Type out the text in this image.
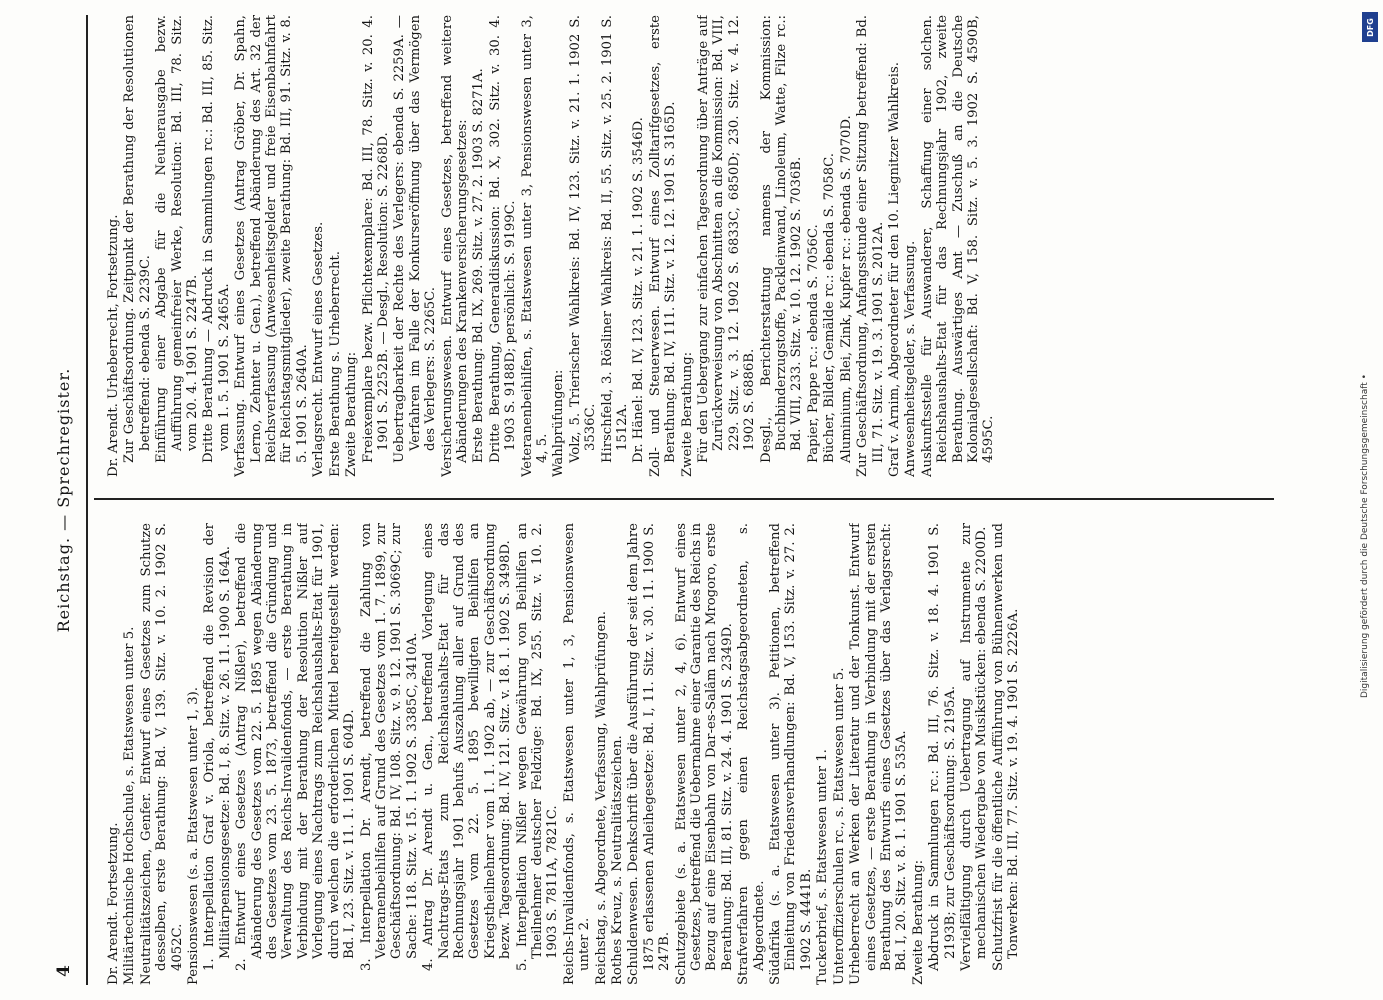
4
Reichstag. — Sprechregister.

Dr. Arendt. Fortsetzung. Militärtechnische Hochschule, s. Etatswesen unter 5. Neutralitätszeichen, Genfer. Entwurf eines Gesetzes zum Schutze desselben, erste Berathung: Bd. V, 139. Sitz. v. 10. 2. 1902 S. 4052C. Pensionswesen (s. a. Etatswesen unter 1, 3). 1. Interpellation Graf v. Oriola, betreffend die Revision der Militärpensionsgesetze: Bd. I, 8. Sitz. v. 26. 11. 1900 S. 164A. 2. Entwurf eines Gesetzes (Antrag Nißler), betreffend die Abänderung des Gesetzes vom 22. 5. 1895 wegen Abänderung des Gesetzes vom 23. 5. 1873, betreffend die Gründung und Verwaltung des Reichs-Invalidenfonds, — erste Berathung in Verbindung mit der Berathung der Resolution Nißler auf Vorlegung eines Nachtrags zum Reichshaushalts-Etat für 1901, durch welchen die erforderlichen Mittel bereitgestellt werden: Bd. I, 23. Sitz. v. 11. 1. 1901 S. 604D. 3. Interpellation Dr. Arendt, betreffend die Zahlung von Veteranenbeihilfen auf Grund des Gesetzes vom 1. 7. 1899, zur Geschäftsordnung: Bd. IV, 108. Sitz. v. 9. 12. 1901 S. 3069C; zur Sache: 118. Sitz. v. 15. 1. 1902 S. 3385C, 3410A. 4. Antrag Dr. Arendt u. Gen., betreffend Vorlegung eines Nachtrags-Etats zum Reichshaushalts-Etat für das Rechnungsjahr 1901 behufs Auszahlung aller auf Grund des Gesetzes vom 22. 5. 1895 bewilligten Beihilfen an Kriegstheilnehmer vom 1. 1. 1902 ab, — zur Geschäftsordnung bezw. Tagesordnung: Bd. IV, 121. Sitz. v. 18. 1. 1902 S. 3498D. 5. Interpellation Nißler wegen Gewährung von Beihilfen an Theilnehmer deutscher Feldzüge: Bd. IX, 255. Sitz. v. 10. 2. 1903 S. 7811A, 7821C. Reichs-Invalidenfonds, s. Etatswesen unter 1, 3, Pensionswesen unter 2. Reichstag, s. Abgeordnete, Verfassung, Wahlprüfungen. Rothes Kreuz, s. Neutralitätszeichen. Schuldenwesen. Denkschrift über die Ausführung der seit dem Jahre 1875 erlassenen Anleihegesetze: Bd. I, 11. Sitz. v. 30. 11. 1900 S. 247B. Schutzgebiete (s. a. Etatswesen unter 2, 4, 6). Entwurf eines Gesetzes, betreffend die Uebernahme einer Garantie des Reichs in Bezug auf eine Eisenbahn von Dar-es-Salâm nach Mrogoro, erste Berathung: Bd. III, 81. Sitz. v. 24. 4. 1901 S. 2349D. Strafverfahren gegen einen Reichstagsabgeordneten, s. Abgeordnete. Südafrika (s. a. Etatswesen unter 3). Petitionen, betreffend Einleitung von Friedensverhandlungen: Bd. V, 153. Sitz. v. 27. 2. 1902 S. 4441B. Tuckerbrief, s. Etatswesen unter 1. Unteroffizierschulen rc., s. Etatswesen unter 5. Urheberrecht an Werken der Literatur und der Tonkunst. Entwurf eines Gesetzes, — erste Berathung in Verbindung mit der ersten Berathung des Entwurfs eines Gesetzes über das Verlagsrecht: Bd. I, 20. Sitz. v. 8. 1. 1901 S. 535A. Zweite Berathung: Abdruck in Sammlungen rc.: Bd. III, 76. Sitz. v. 18. 4. 1901 S. 2193B; zur Geschäftsordnung: S. 2195A. Vervielfältigung durch Uebertragung auf Instrumente zur mechanischen Wiedergabe von Musikstücken: ebenda S. 2200D. Schutzfrist für die öffentliche Aufführung von Bühnenwerken und Tonwerken: Bd. III, 77. Sitz. v. 19. 4. 1901 S. 2226A.

Dr. Arendt. Urheberrecht, Fortsetzung. Zur Geschäftsordnung. Zeitpunkt der Berathung der Resolutionen betreffend: ebenda S. 2239C. Einführung einer Abgabe für die Neuherausgabe bezw. Aufführung gemeinfreier Werke, Resolution: Bd. III, 78. Sitz. vom 20. 4. 1901 S. 2247B. Dritte Berathung — Abdruck in Sammlungen rc.: Bd. III, 85. Sitz. vom 1. 5. 1901 S. 2465A. Verfassung. Entwurf eines Gesetzes (Antrag Gröber, Dr. Spahn, Lerno, Zehnter u. Gen.), betreffend Abänderung des Art. 32 der Reichsverfassung (Anwesenheitsgelder und freie Eisenbahnfahrt für Reichstagsmitglieder), zweite Berathung: Bd. III, 91. Sitz. v. 8. 5. 1901 S. 2640A. Verlagsrecht. Entwurf eines Gesetzes. Erste Berathung s. Urheberrecht. Zweite Berathung: Freiexemplare bezw. Pflichtexemplare: Bd. III, 78. Sitz. v. 20. 4. 1901 S. 2252B. — Desgl., Resolution: S. 2268D. Uebertragbarkeit der Rechte des Verlegers: ebenda S. 2259A. — Verfahren im Falle der Konkurseröffnung über das Vermögen des Verlegers: S. 2265C. Versicherungswesen. Entwurf eines Gesetzes, betreffend weitere Abänderungen des Krankenversicherungsgesetzes: Erste Berathung: Bd. IX, 269. Sitz. v. 27. 2. 1903 S. 8271A. Dritte Berathung, Generaldiskussion: Bd. X, 302. Sitz. v. 30. 4. 1903 S. 9188D; persönlich: S. 9199C. Veteranenbeihilfen, s. Etatswesen unter 3, Pensionswesen unter 3, 4, 5. Wahlprüfungen: Volz, 5. Trierischer Wahlkreis: Bd. IV, 123. Sitz. v. 21. 1. 1902 S. 3536C. Hirschfeld, 3. Rösliner Wahlkreis: Bd. II, 55. Sitz. v. 25. 2. 1901 S. 1512A. Dr. Hänel: Bd. IV, 123. Sitz. v. 21. 1. 1902 S. 3546D. Zoll- und Steuerwesen. Entwurf eines Zolltarifgesetzes, erste Berathung: Bd. IV, 111. Sitz. v. 12. 12. 1901 S. 3165D. Zweite Berathung: Für den Uebergang zur einfachen Tagesordnung über Anträge auf Zurückverweisung von Abschnitten an die Kommission: Bd. VIII, 229. Sitz. v. 3. 12. 1902 S. 6833C, 6850D; 230. Sitz. v. 4. 12. 1902 S. 6886B. Desgl., Berichterstattung namens der Kommission: Buchbinderzugstoffe, Packleinwand, Linoleum, Watte, Filze rc.: Bd. VIII, 233. Sitz. v. 10. 12. 1902 S. 7036B. Papier, Pappe rc.: ebenda S. 7056C. Bücher, Bilder, Gemälde rc.: ebenda S. 7058C. Aluminium, Blei, Zink, Kupfer rc.: ebenda S. 7070D. Zur Geschäftsordnung, Anfangsstunde einer Sitzung betreffend: Bd. III, 71. Sitz. v. 19. 3. 1901 S. 2012A. Graf v. Arnim, Abgeordneter für den 10. Liegnitzer Wahlkreis. Anwesenheitsgelder, s. Verfassung. Auskunftsstelle für Auswanderer, Schaffung einer solchen. Reichshaushalts-Etat für das Rechnungsjahr 1902, zweite Berathung. Auswärtiges Amt — Zuschuß an die Deutsche Kolonialgesellschaft: Bd. V, 158. Sitz. v. 5. 3. 1902 S. 4590B, 4595C.

DFG
Digitalisierung gefördert durch die Deutsche Forschungsgemeinschaft •
